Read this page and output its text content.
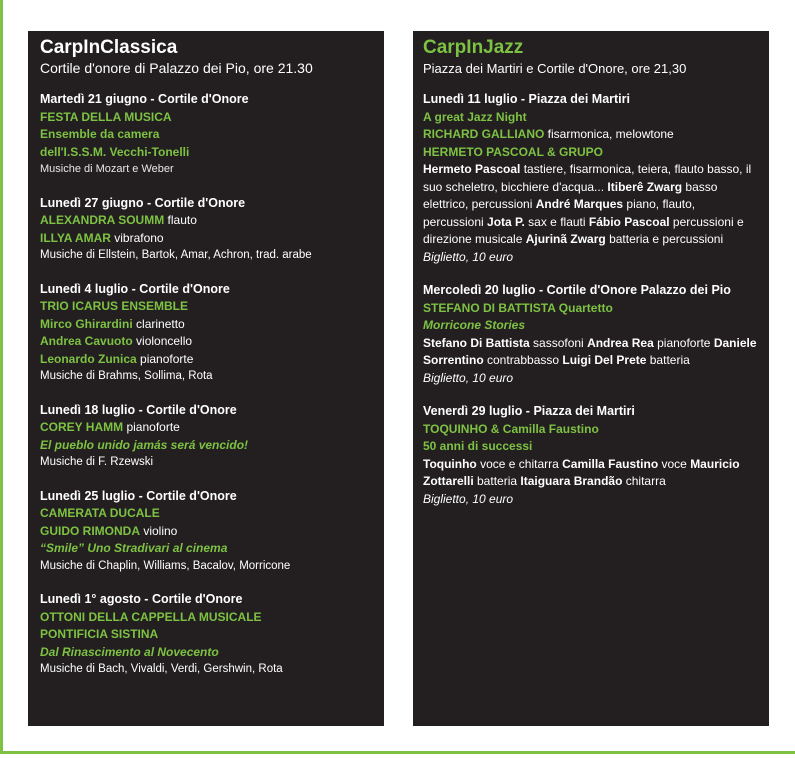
CarpInClassica
Cortile d'onore di Palazzo dei Pio, ore 21.30
Martedì 21 giugno - Cortile d'Onore
FESTA DELLA MUSICA
Ensemble da camera
dell'I.S.S.M. Vecchi-Tonelli
Musiche di Mozart e Weber
Lunedì 27 giugno - Cortile d'Onore
ALEXANDRA SOUMM flauto
ILLYA AMAR vibrafono
Musiche di Ellstein, Bartok, Amar, Achron, trad. arabe
Lunedì 4 luglio - Cortile d'Onore
TRIO ICARUS ENSEMBLE
Mirco Ghirardini clarinetto
Andrea Cavuoto violoncello
Leonardo Zunica pianoforte
Musiche di Brahms, Sollima, Rota
Lunedì 18 luglio - Cortile d'Onore
COREY HAMM pianoforte
El pueblo unido jamás será vencido!
Musiche di F. Rzewski
Lunedì 25 luglio - Cortile d'Onore
CAMERATA DUCALE
GUIDO RIMONDA violino
“Smile” Uno Stradivari al cinema
Musiche di Chaplin, Williams, Bacalov, Morricone
Lunedì 1° agosto - Cortile d'Onore
OTTONI DELLA CAPPELLA MUSICALE
PONTIFICIA SISTINA
Dal Rinascimento al Novecento
Musiche di Bach, Vivaldi, Verdi, Gershwin, Rota
CarpInJazz
Piazza dei Martiri e Cortile d'Onore, ore 21,30
Lunedì 11 luglio - Piazza dei Martiri
A great Jazz Night
RICHARD GALLIANO fisarmonica, melowtone
HERMETO PASCOAL & GRUPO
Hermeto Pascoal tastiere, fisarmonica, teiera, flauto basso, il suo scheletro, bicchiere d'acqua... Itiberê Zwarg basso elettrico, percussioni André Marques piano, flauto, percussioni Jota P. sax e flauti Fábio Pascoal percussioni e direzione musicale Ajurinã Zwarg batteria e percussioni
Biglietto, 10 euro
Mercoledì 20 luglio - Cortile d'Onore Palazzo dei Pio
STEFANO DI BATTISTA Quartetto
Morricone Stories
Stefano Di Battista sassofoni Andrea Rea pianoforte Daniele Sorrentino contrabbasso Luigi Del Prete batteria
Biglietto, 10 euro
Venerdì 29 luglio - Piazza dei Martiri
TOQUINHO & Camilla Faustino
50 anni di successi
Toquinho voce e chitarra Camilla Faustino voce Mauricio Zottarelli batteria Itaiguara Brandão chitarra
Biglietto, 10 euro
